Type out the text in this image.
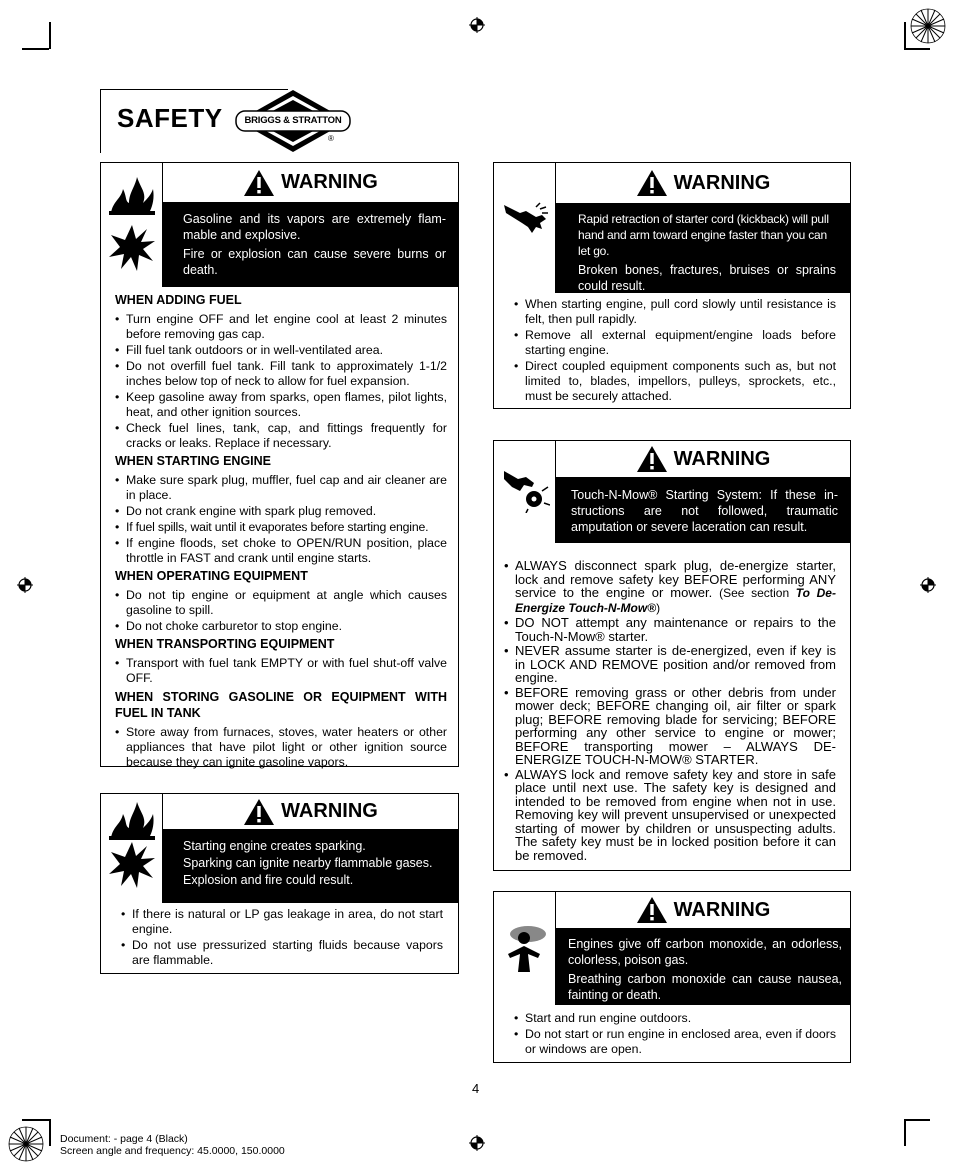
SAFETY BRIGGS & STRATTON
®
WARNING

Gasoline and its vapors are extremely flam-mable and explosive.

Fire or explosion can cause severe burns or death.

WHEN ADDING FUEL
• Turn engine OFF and let engine cool at least 2 minutes before removing gas cap.
• Fill fuel tank outdoors or in well-ventilated area.
• Do not overfill fuel tank. Fill tank to approximately 1-1/2 inches below top of neck to allow for fuel expansion.
• Keep gasoline away from sparks, open flames, pilot lights, heat, and other ignition sources.
• Check fuel lines, tank, cap, and fittings frequently for cracks or leaks. Replace if necessary.
WHEN STARTING ENGINE
• Make sure spark plug, muffler, fuel cap and air cleaner are in place.
• Do not crank engine with spark plug removed.
• If fuel spills, wait until it evaporates before starting engine.
• If engine floods, set choke to OPEN/RUN position, place throttle in FAST and crank until engine starts.
WHEN OPERATING EQUIPMENT
• Do not tip engine or equipment at angle which causes gasoline to spill.
• Do not choke carburetor to stop engine.
WHEN TRANSPORTING EQUIPMENT
• Transport with fuel tank EMPTY or with fuel shut-off valve OFF.
WHEN STORING GASOLINE OR EQUIPMENT WITH FUEL IN TANK
• Store away from furnaces, stoves, water heaters or other appliances that have pilot light or other ignition source because they can ignite gasoline vapors.
WARNING

Starting engine creates sparking.

Sparking can ignite nearby flammable gases.

Explosion and fire could result.

• If there is natural or LP gas leakage in area, do not start engine.
• Do not use pressurized starting fluids because vapors are flammable.
WARNING

Rapid retraction of starter cord (kickback) will pull hand and arm toward engine faster than you can let go.

Broken bones, fractures, bruises or sprains could result.

• When starting engine, pull cord slowly until resistance is felt, then pull rapidly.
• Remove all external equipment/engine loads before starting engine.
• Direct coupled equipment components such as, but not limited to, blades, impellors, pulleys, sprockets, etc., must be securely attached.
WARNING

Touch-N-Mow® Starting System: If these in-structions are not followed, traumatic amputation or severe laceration can result.

• ALWAYS disconnect spark plug, de-energize starter, lock and remove safety key BEFORE performing ANY service to the engine or mower. (See section To De-Energize Touch-N-Mow®)
• DO NOT attempt any maintenance or repairs to the Touch-N-Mow® starter.
• NEVER assume starter is de-energized, even if key is in LOCK AND REMOVE position and/or removed from engine.
• BEFORE removing grass or other debris from under mower deck; BEFORE changing oil, air filter or spark plug; BEFORE removing blade for servicing; BEFORE performing any other service to engine or mower; BEFORE transporting mower – ALWAYS DE-ENERGIZE TOUCH-N-MOW® STARTER.
• ALWAYS lock and remove safety key and store in safe place until next use. The safety key is designed and intended to be removed from engine when not in use. Removing key will prevent unsupervised or unexpected starting of mower by children or unsuspecting adults. The safety key must be in locked position before it can be removed.
WARNING

Engines give off carbon monoxide, an odorless, colorless, poison gas.

Breathing carbon monoxide can cause nausea, fainting or death.

• Start and run engine outdoors.
• Do not start or run engine in enclosed area, even if doors or windows are open.
4
Document: - page 4 (Black)
Screen angle and frequency: 45.0000, 150.0000
